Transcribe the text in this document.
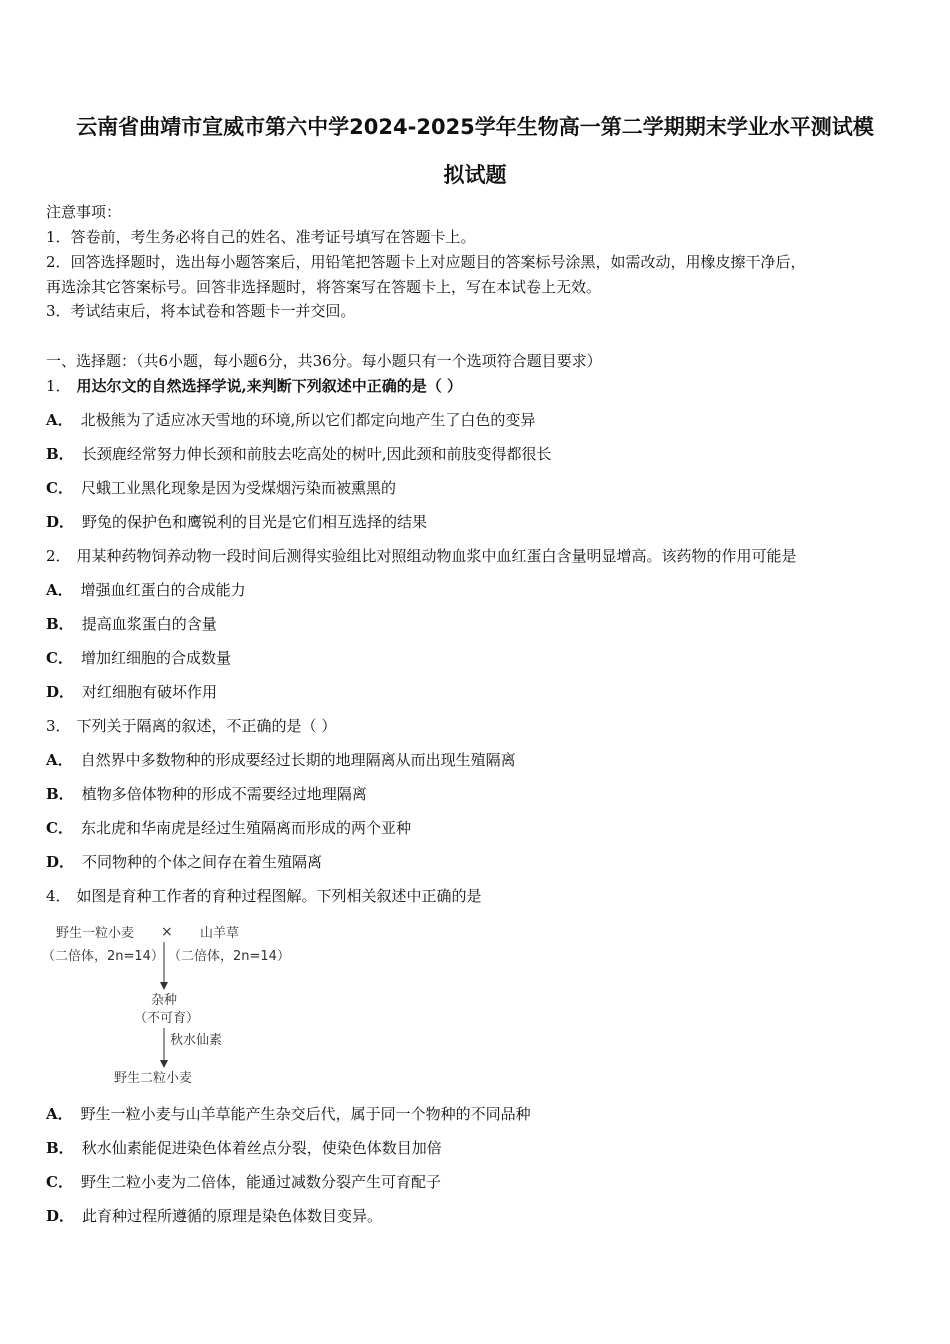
云南省曲靖市宣威市第六中学2024-2025学年生物高一第二学期期末学业水平测试模
拟试题
注意事项：
1．答卷前，考生务必将自己的姓名、准考证号填写在答题卡上。
2．回答选择题时，选出每小题答案后，用铅笔把答题卡上对应题目的答案标号涂黑，如需改动，用橡皮擦干净后，
再选涂其它答案标号。回答非选择题时，将答案写在答题卡上，写在本试卷上无效。
3．考试结束后，将本试卷和答题卡一并交回。
一、选择题：（共6小题，每小题6分，共36分。每小题只有一个选项符合题目要求）
1． 用达尔文的自然选择学说,来判断下列叙述中正确的是（ ）
A． 北极熊为了适应冰天雪地的环境,所以它们都定向地产生了白色的变异
B． 长颈鹿经常努力伸长颈和前肢去吃高处的树叶,因此颈和前肢变得都很长
C． 尺蛾工业黑化现象是因为受煤烟污染而被熏黑的
D． 野兔的保护色和鹰锐利的目光是它们相互选择的结果
2． 用某种药物饲养动物一段时间后测得实验组比对照组动物血浆中血红蛋白含量明显增高。该药物的作用可能是
A． 增强血红蛋白的合成能力
B． 提高血浆蛋白的含量
C． 增加红细胞的合成数量
D． 对红细胞有破坏作用
3． 下列关于隔离的叙述，不正确的是（ ）
A． 自然界中多数物种的形成要经过长期的地理隔离从而出现生殖隔离
B． 植物多倍体物种的形成不需要经过地理隔离
C． 东北虎和华南虎是经过生殖隔离而形成的两个亚种
D． 不同物种的个体之间存在着生殖隔离
4． 如图是育种工作者的育种过程图解。下列相关叙述中正确的是
野生一粒小麦 × 山羊草
（二倍体，2n=14） （二倍体，2n=14）
杂种
（不可育）
秋水仙素
野生二粒小麦
A． 野生一粒小麦与山羊草能产生杂交后代，属于同一个物种的不同品种
B． 秋水仙素能促进染色体着丝点分裂，使染色体数目加倍
C． 野生二粒小麦为二倍体，能通过减数分裂产生可育配子
D． 此育种过程所遵循的原理是染色体数目变异。
